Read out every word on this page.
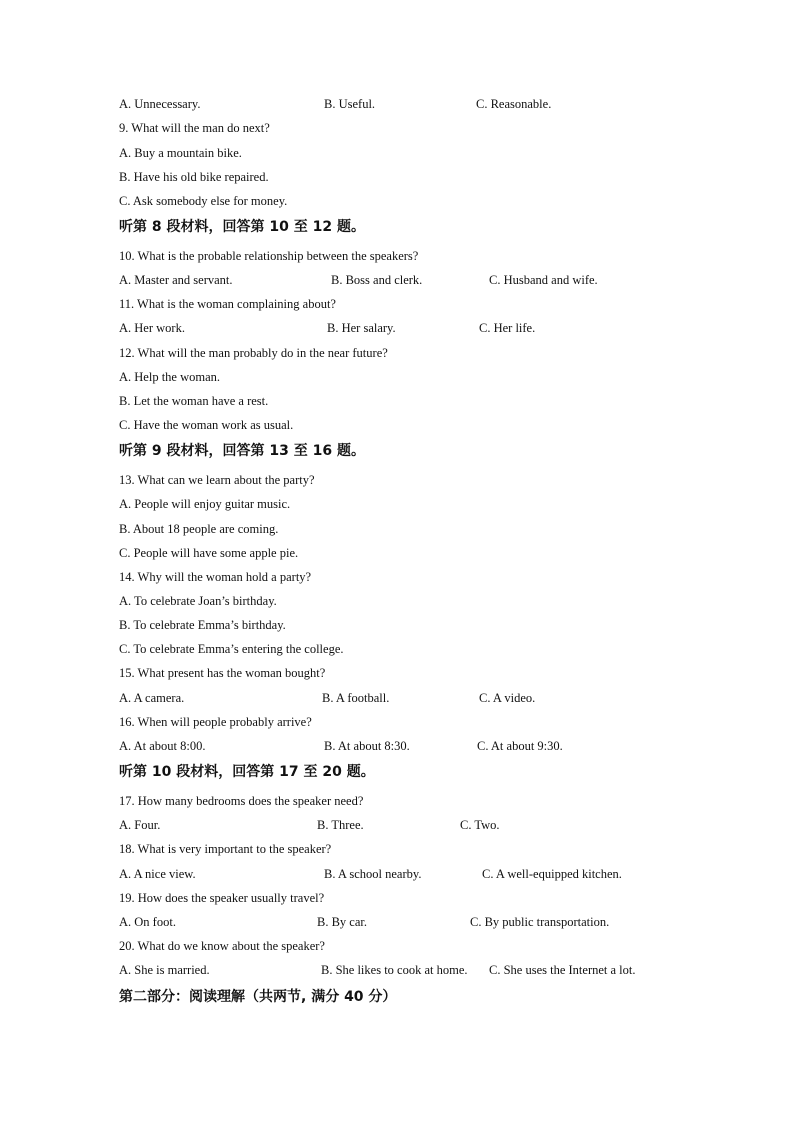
A. Unnecessary.	B. Useful.	C. Reasonable.
9. What will the man do next?
A. Buy a mountain bike.
B. Have his old bike repaired.
C. Ask somebody else for money.
听第 8 段材料，回答第 10 至 12 题。
10. What is the probable relationship between the speakers?
A. Master and servant.	B. Boss and clerk.	C. Husband and wife.
11. What is the woman complaining about?
A. Her work.	B. Her salary.	C. Her life.
12. What will the man probably do in the near future?
A. Help the woman.
B. Let the woman have a rest.
C. Have the woman work as usual.
听第 9 段材料，回答第 13 至 16 题。
13. What can we learn about the party?
A. People will enjoy guitar music.
B. About 18 people are coming.
C. People will have some apple pie.
14. Why will the woman hold a party?
A. To celebrate Joan’s birthday.
B. To celebrate Emma’s birthday.
C. To celebrate Emma’s entering the college.
15. What present has the woman bought?
A. A camera.	B. A football.	C. A video.
16. When will people probably arrive?
A. At about 8:00.	B. At about 8:30.	C. At about 9:30.
听第 10 段材料，回答第 17 至 20 题。
17. How many bedrooms does the speaker need?
A. Four.	B. Three.	C. Two.
18. What is very important to the speaker?
A. A nice view.	B. A school nearby.	C. A well-equipped kitchen.
19. How does the speaker usually travel?
A. On foot.	B. By car.	C. By public transportation.
20. What do we know about the speaker?
A. She is married.	B. She likes to cook at home. C. She uses the Internet a lot.
第二部分：阅读理解（共两节, 满分 40 分）
